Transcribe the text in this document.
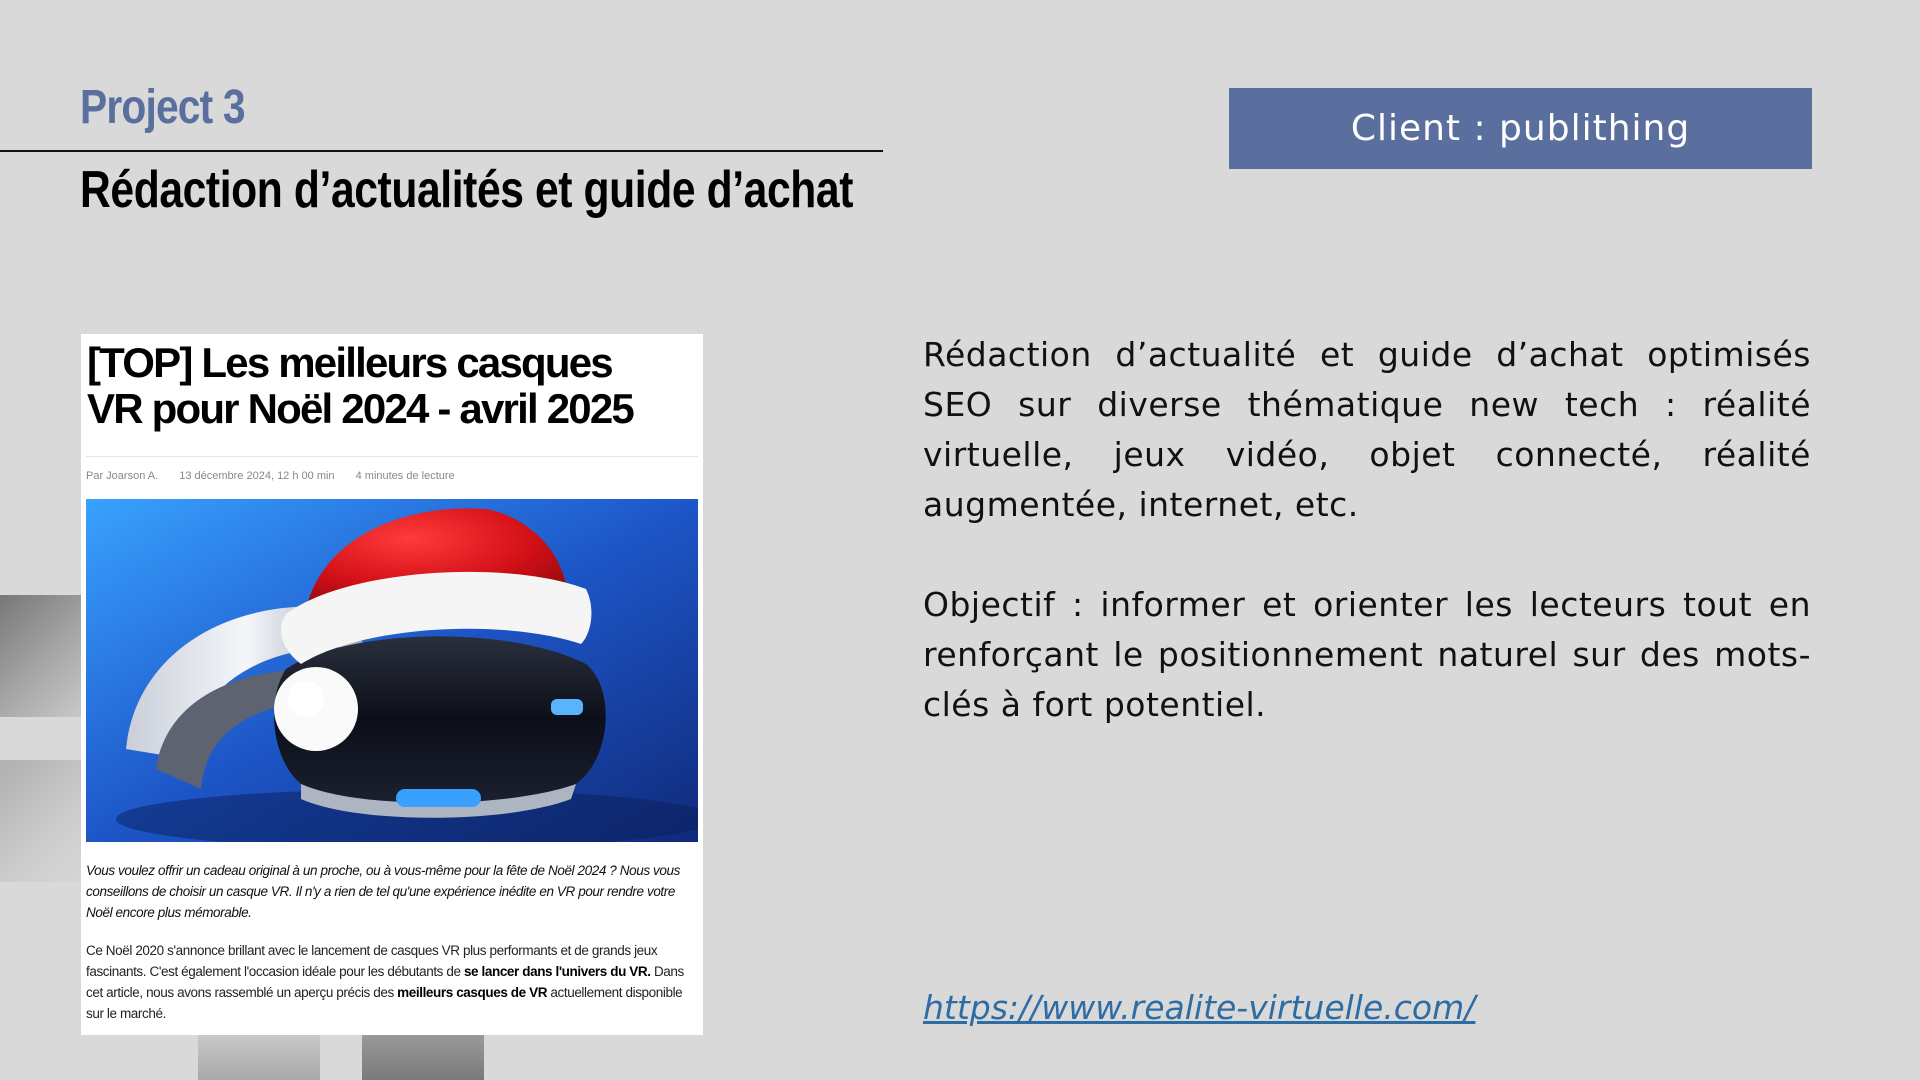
Project 3
Rédaction d’actualités et guide d’achat
Client : publithing
[TOP] Les meilleurs casques
VR pour Noël 2024 - avril 2025
Par Joarson A. 13 décembre 2024, 12 h 00 min 4 minutes de lecture
Vous voulez offrir un cadeau original à un proche, ou à vous-même pour la fête de Noël 2024 ? Nous vous conseillons de choisir un casque VR. Il n'y a rien de tel qu'une expérience inédite en VR pour rendre votre Noël encore plus mémorable.
Ce Noël 2020 s'annonce brillant avec le lancement de casques VR plus performants et de grands jeux fascinants. C'est également l'occasion idéale pour les débutants de se lancer dans l'univers du VR. Dans cet article, nous avons rassemblé un aperçu précis des meilleurs casques de VR actuellement disponible sur le marché.
Rédaction d’actualité et guide d’achat optimisés SEO sur diverse thématique new tech : réalité virtuelle, jeux vidéo, objet connecté, réalité augmentée, internet, etc.
Objectif : informer et orienter les lecteurs tout en renforçant le positionnement naturel sur des mots-clés à fort potentiel.
https://www.realite-virtuelle.com/
